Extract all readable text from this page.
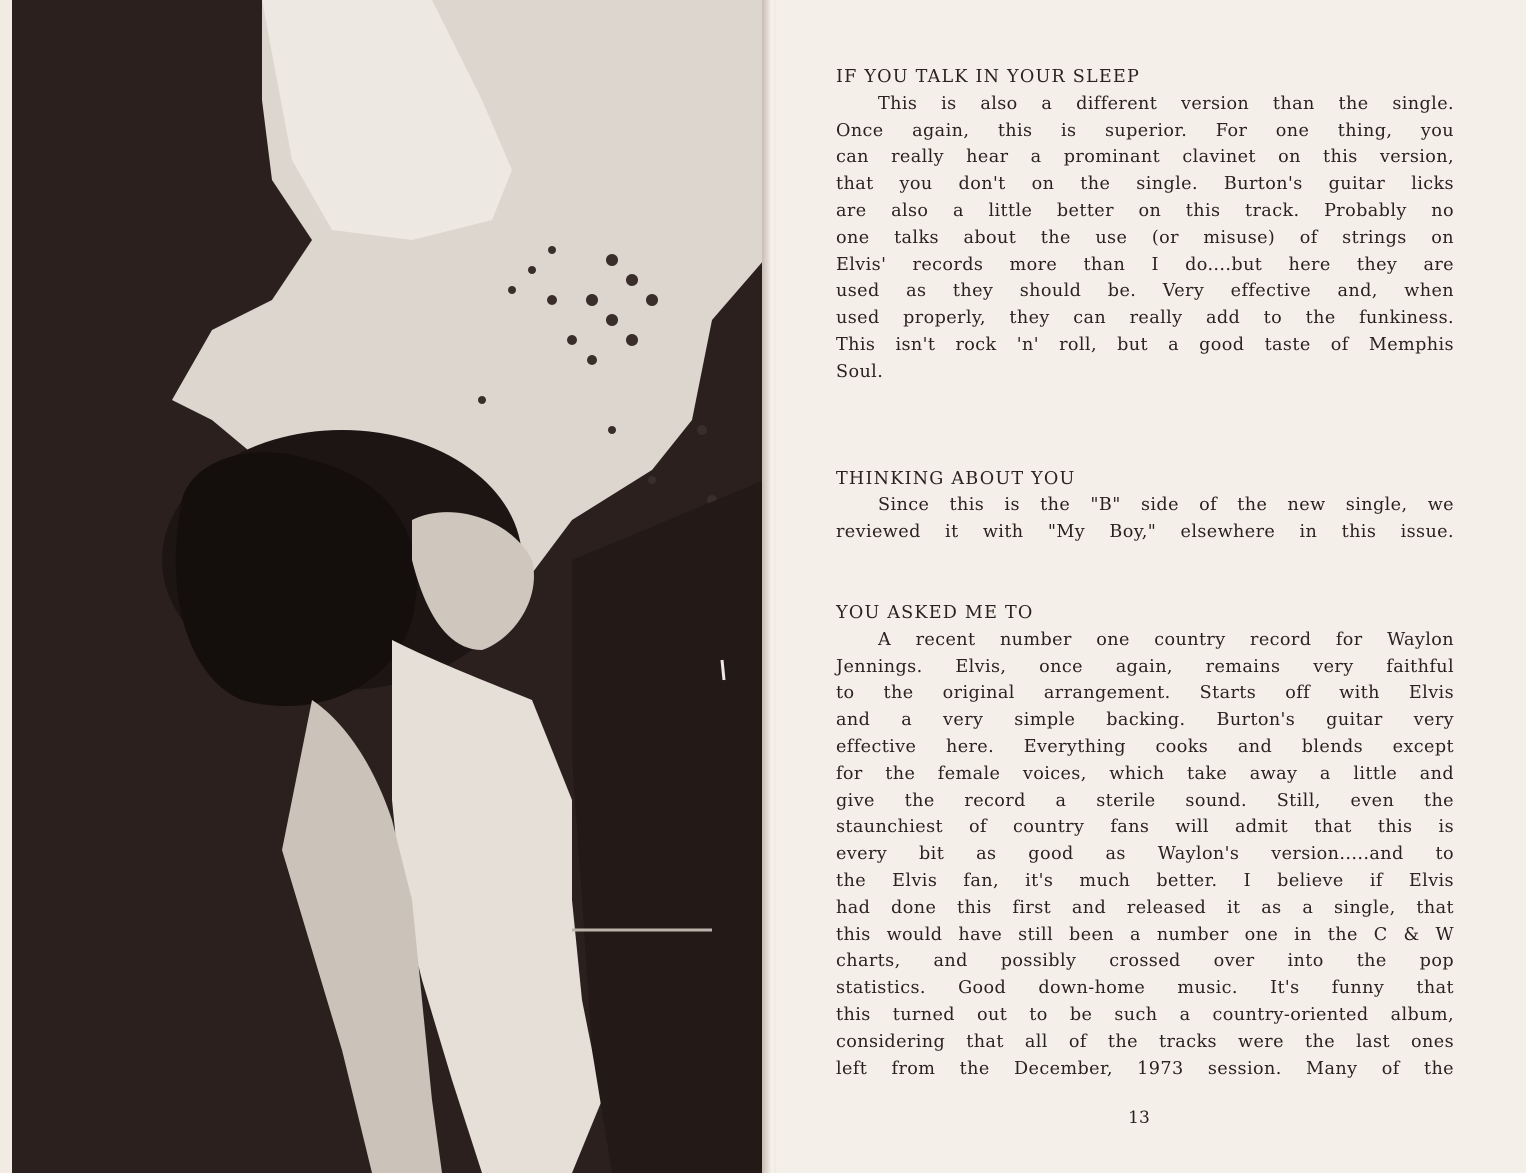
IF YOU TALK IN YOUR SLEEP
This is also a different version than the single.
Once again, this is superior. For one thing, you
can really hear a prominant clavinet on this version,
that you don't on the single. Burton's guitar licks
are also a little better on this track. Probably no
one talks about the use (or misuse) of strings on
Elvis' records more than I do....but here they are
used as they should be. Very effective and, when
used properly, they can really add to the funkiness.
This isn't rock 'n' roll, but a good taste of Memphis
Soul.
THINKING ABOUT YOU
Since this is the "B" side of the new single, we
reviewed it with "My Boy," elsewhere in this issue.
YOU ASKED ME TO
A recent number one country record for Waylon
Jennings. Elvis, once again, remains very faithful
to the original arrangement. Starts off with Elvis
and a very simple backing. Burton's guitar very
effective here. Everything cooks and blends except
for the female voices, which take away a little and
give the record a sterile sound. Still, even the
staunchiest of country fans will admit that this is
every bit as good as Waylon's version.....and to
the Elvis fan, it's much better. I believe if Elvis
had done this first and released it as a single, that
this would have still been a number one in the C & W
charts, and possibly crossed over into the pop
statistics. Good down-home music. It's funny that
this turned out to be such a country-oriented album,
considering that all of the tracks were the last ones
left from the December, 1973 session. Many of the
13
